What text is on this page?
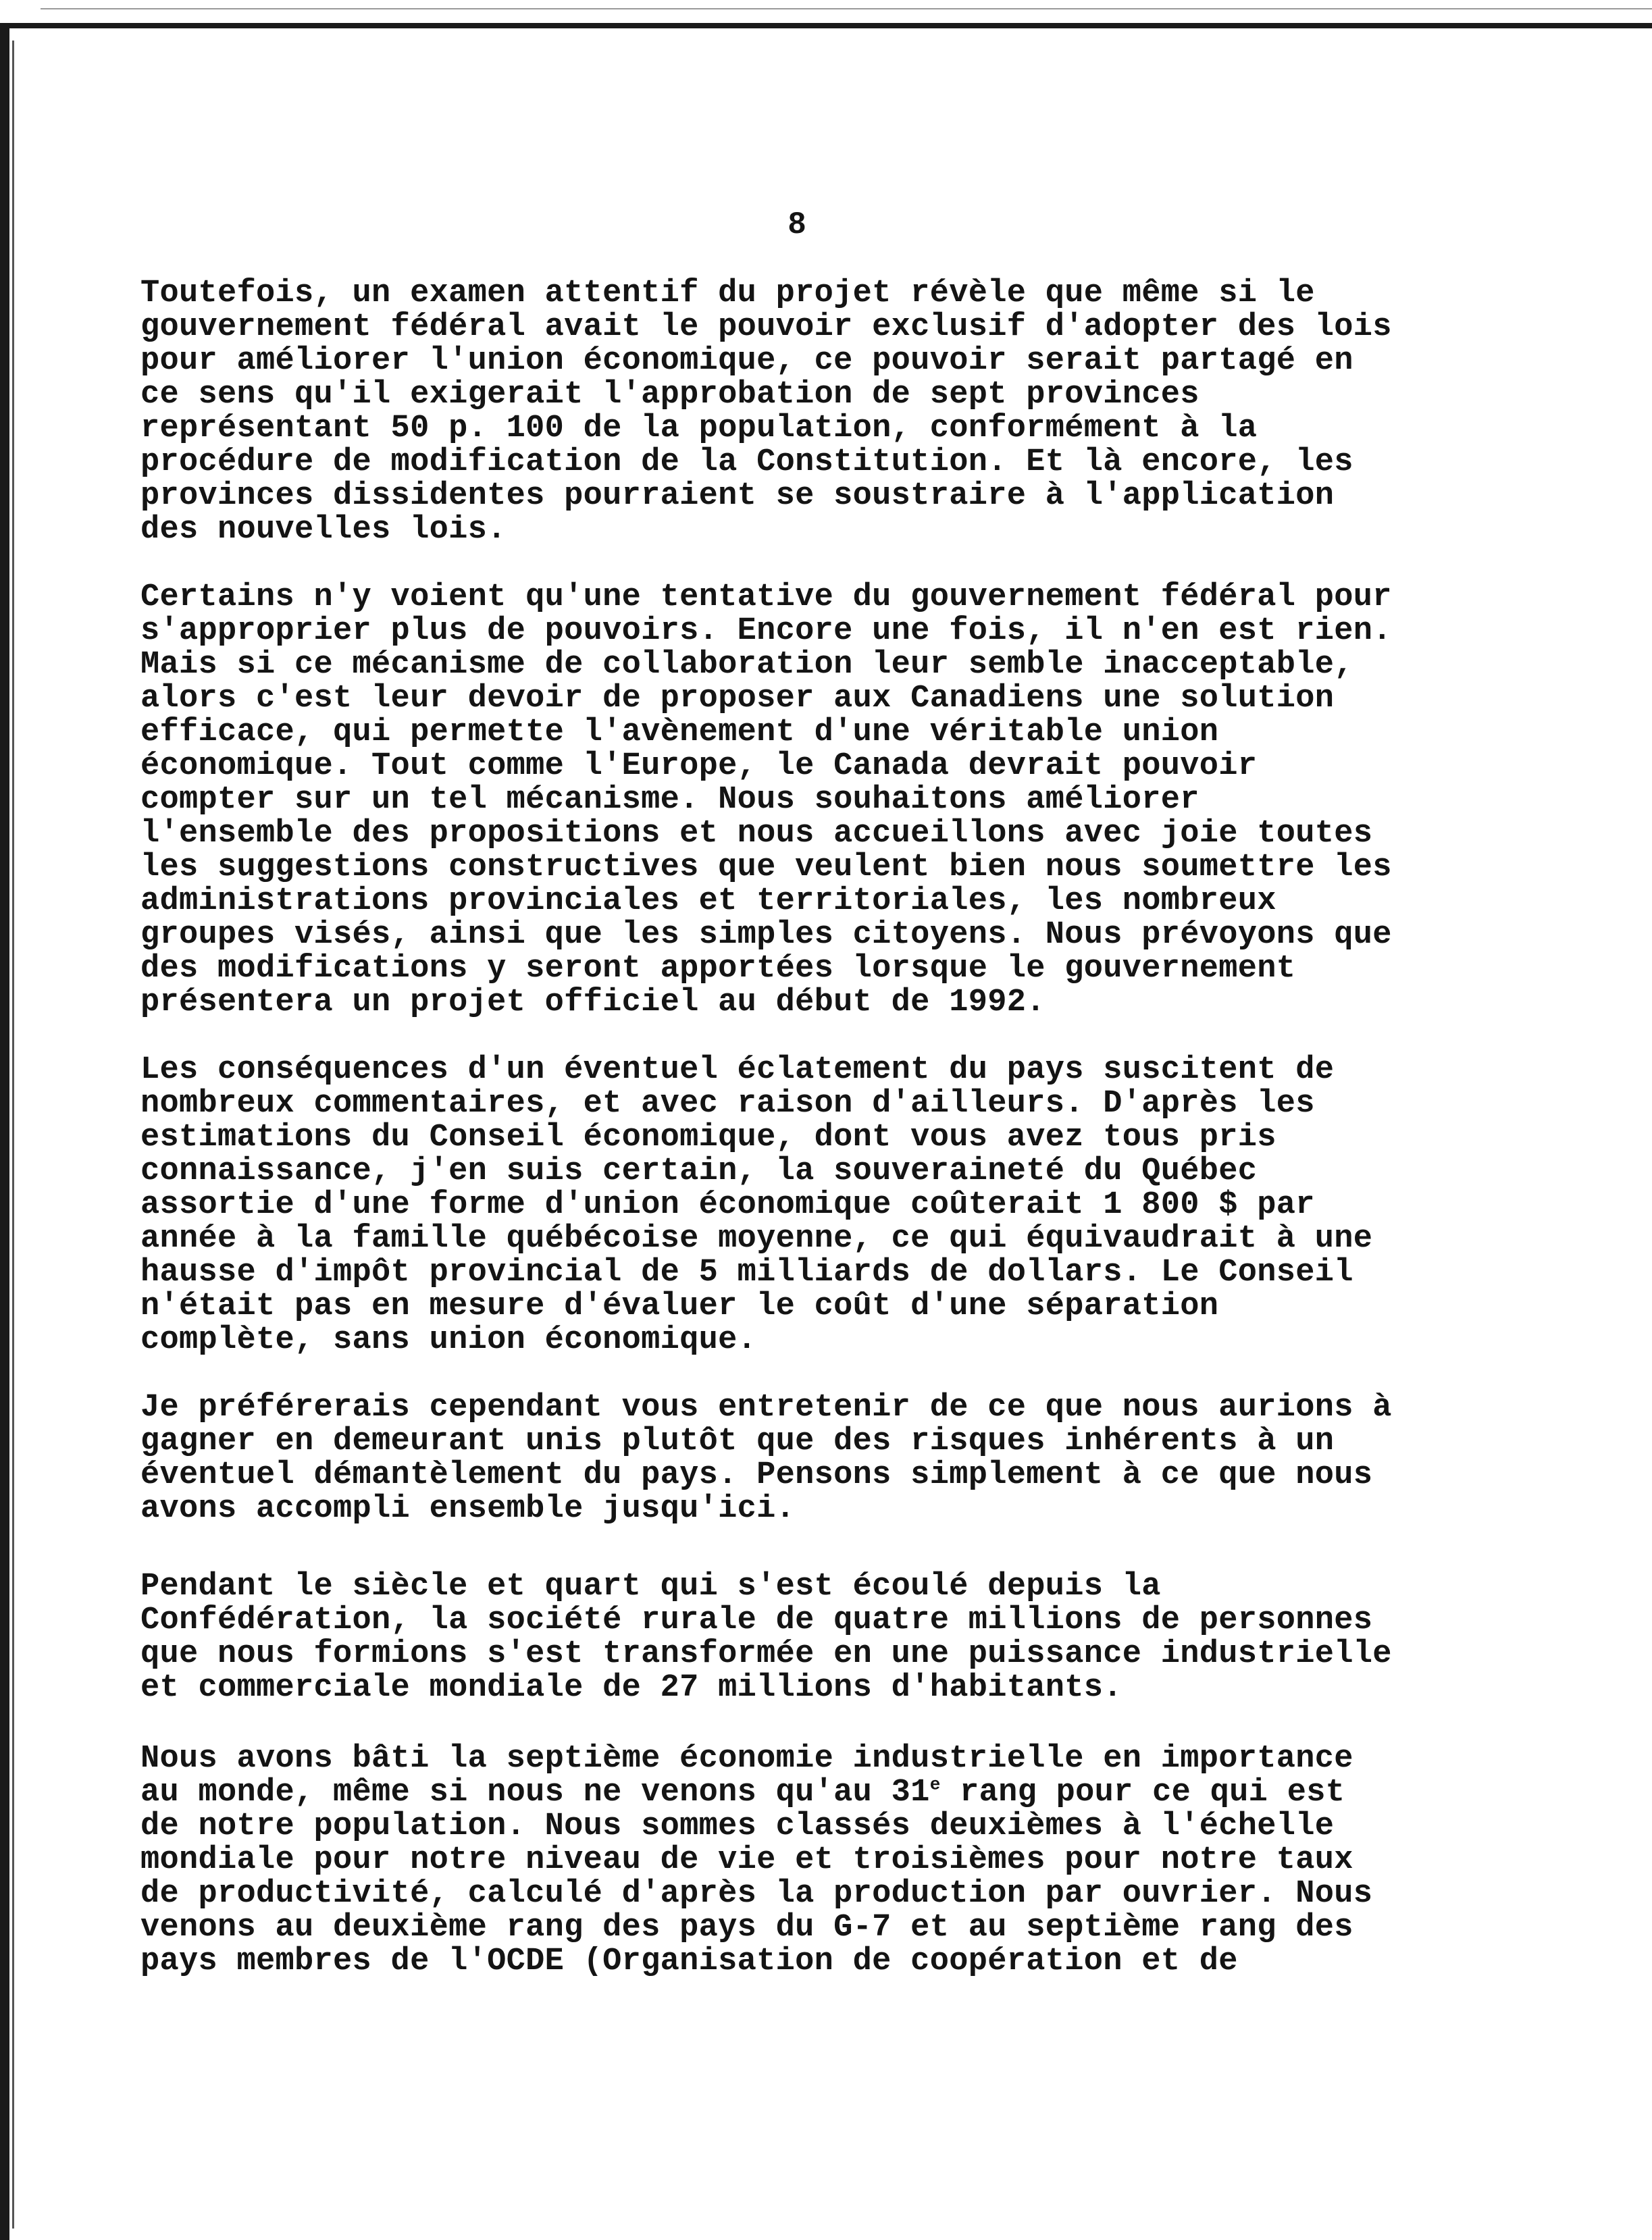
8
Toutefois, un examen attentif du projet révèle que même si le
gouvernement fédéral avait le pouvoir exclusif d'adopter des lois
pour améliorer l'union économique, ce pouvoir serait partagé en
ce sens qu'il exigerait l'approbation de sept provinces
représentant 50 p. 100 de la population, conformément à la
procédure de modification de la Constitution. Et là encore, les
provinces dissidentes pourraient se soustraire à l'application
des nouvelles lois.
Certains n'y voient qu'une tentative du gouvernement fédéral pour
s'approprier plus de pouvoirs. Encore une fois, il n'en est rien.
Mais si ce mécanisme de collaboration leur semble inacceptable,
alors c'est leur devoir de proposer aux Canadiens une solution
efficace, qui permette l'avènement d'une véritable union
économique. Tout comme l'Europe, le Canada devrait pouvoir
compter sur un tel mécanisme. Nous souhaitons améliorer
l'ensemble des propositions et nous accueillons avec joie toutes
les suggestions constructives que veulent bien nous soumettre les
administrations provinciales et territoriales, les nombreux
groupes visés, ainsi que les simples citoyens. Nous prévoyons que
des modifications y seront apportées lorsque le gouvernement
présentera un projet officiel au début de 1992.
Les conséquences d'un éventuel éclatement du pays suscitent de
nombreux commentaires, et avec raison d'ailleurs. D'après les
estimations du Conseil économique, dont vous avez tous pris
connaissance, j'en suis certain, la souveraineté du Québec
assortie d'une forme d'union économique coûterait 1 800 $ par
année à la famille québécoise moyenne, ce qui équivaudrait à une
hausse d'impôt provincial de 5 milliards de dollars. Le Conseil
n'était pas en mesure d'évaluer le coût d'une séparation
complète, sans union économique.
Je préférerais cependant vous entretenir de ce que nous aurions à
gagner en demeurant unis plutôt que des risques inhérents à un
éventuel démantèlement du pays. Pensons simplement à ce que nous
avons accompli ensemble jusqu'ici.
Pendant le siècle et quart qui s'est écoulé depuis la
Confédération, la société rurale de quatre millions de personnes
que nous formions s'est transformée en une puissance industrielle
et commerciale mondiale de 27 millions d'habitants.
Nous avons bâti la septième économie industrielle en importance
au monde, même si nous ne venons qu'au 31e rang pour ce qui est
de notre population. Nous sommes classés deuxièmes à l'échelle
mondiale pour notre niveau de vie et troisièmes pour notre taux
de productivité, calculé d'après la production par ouvrier. Nous
venons au deuxième rang des pays du G-7 et au septième rang des
pays membres de l'OCDE (Organisation de coopération et de
